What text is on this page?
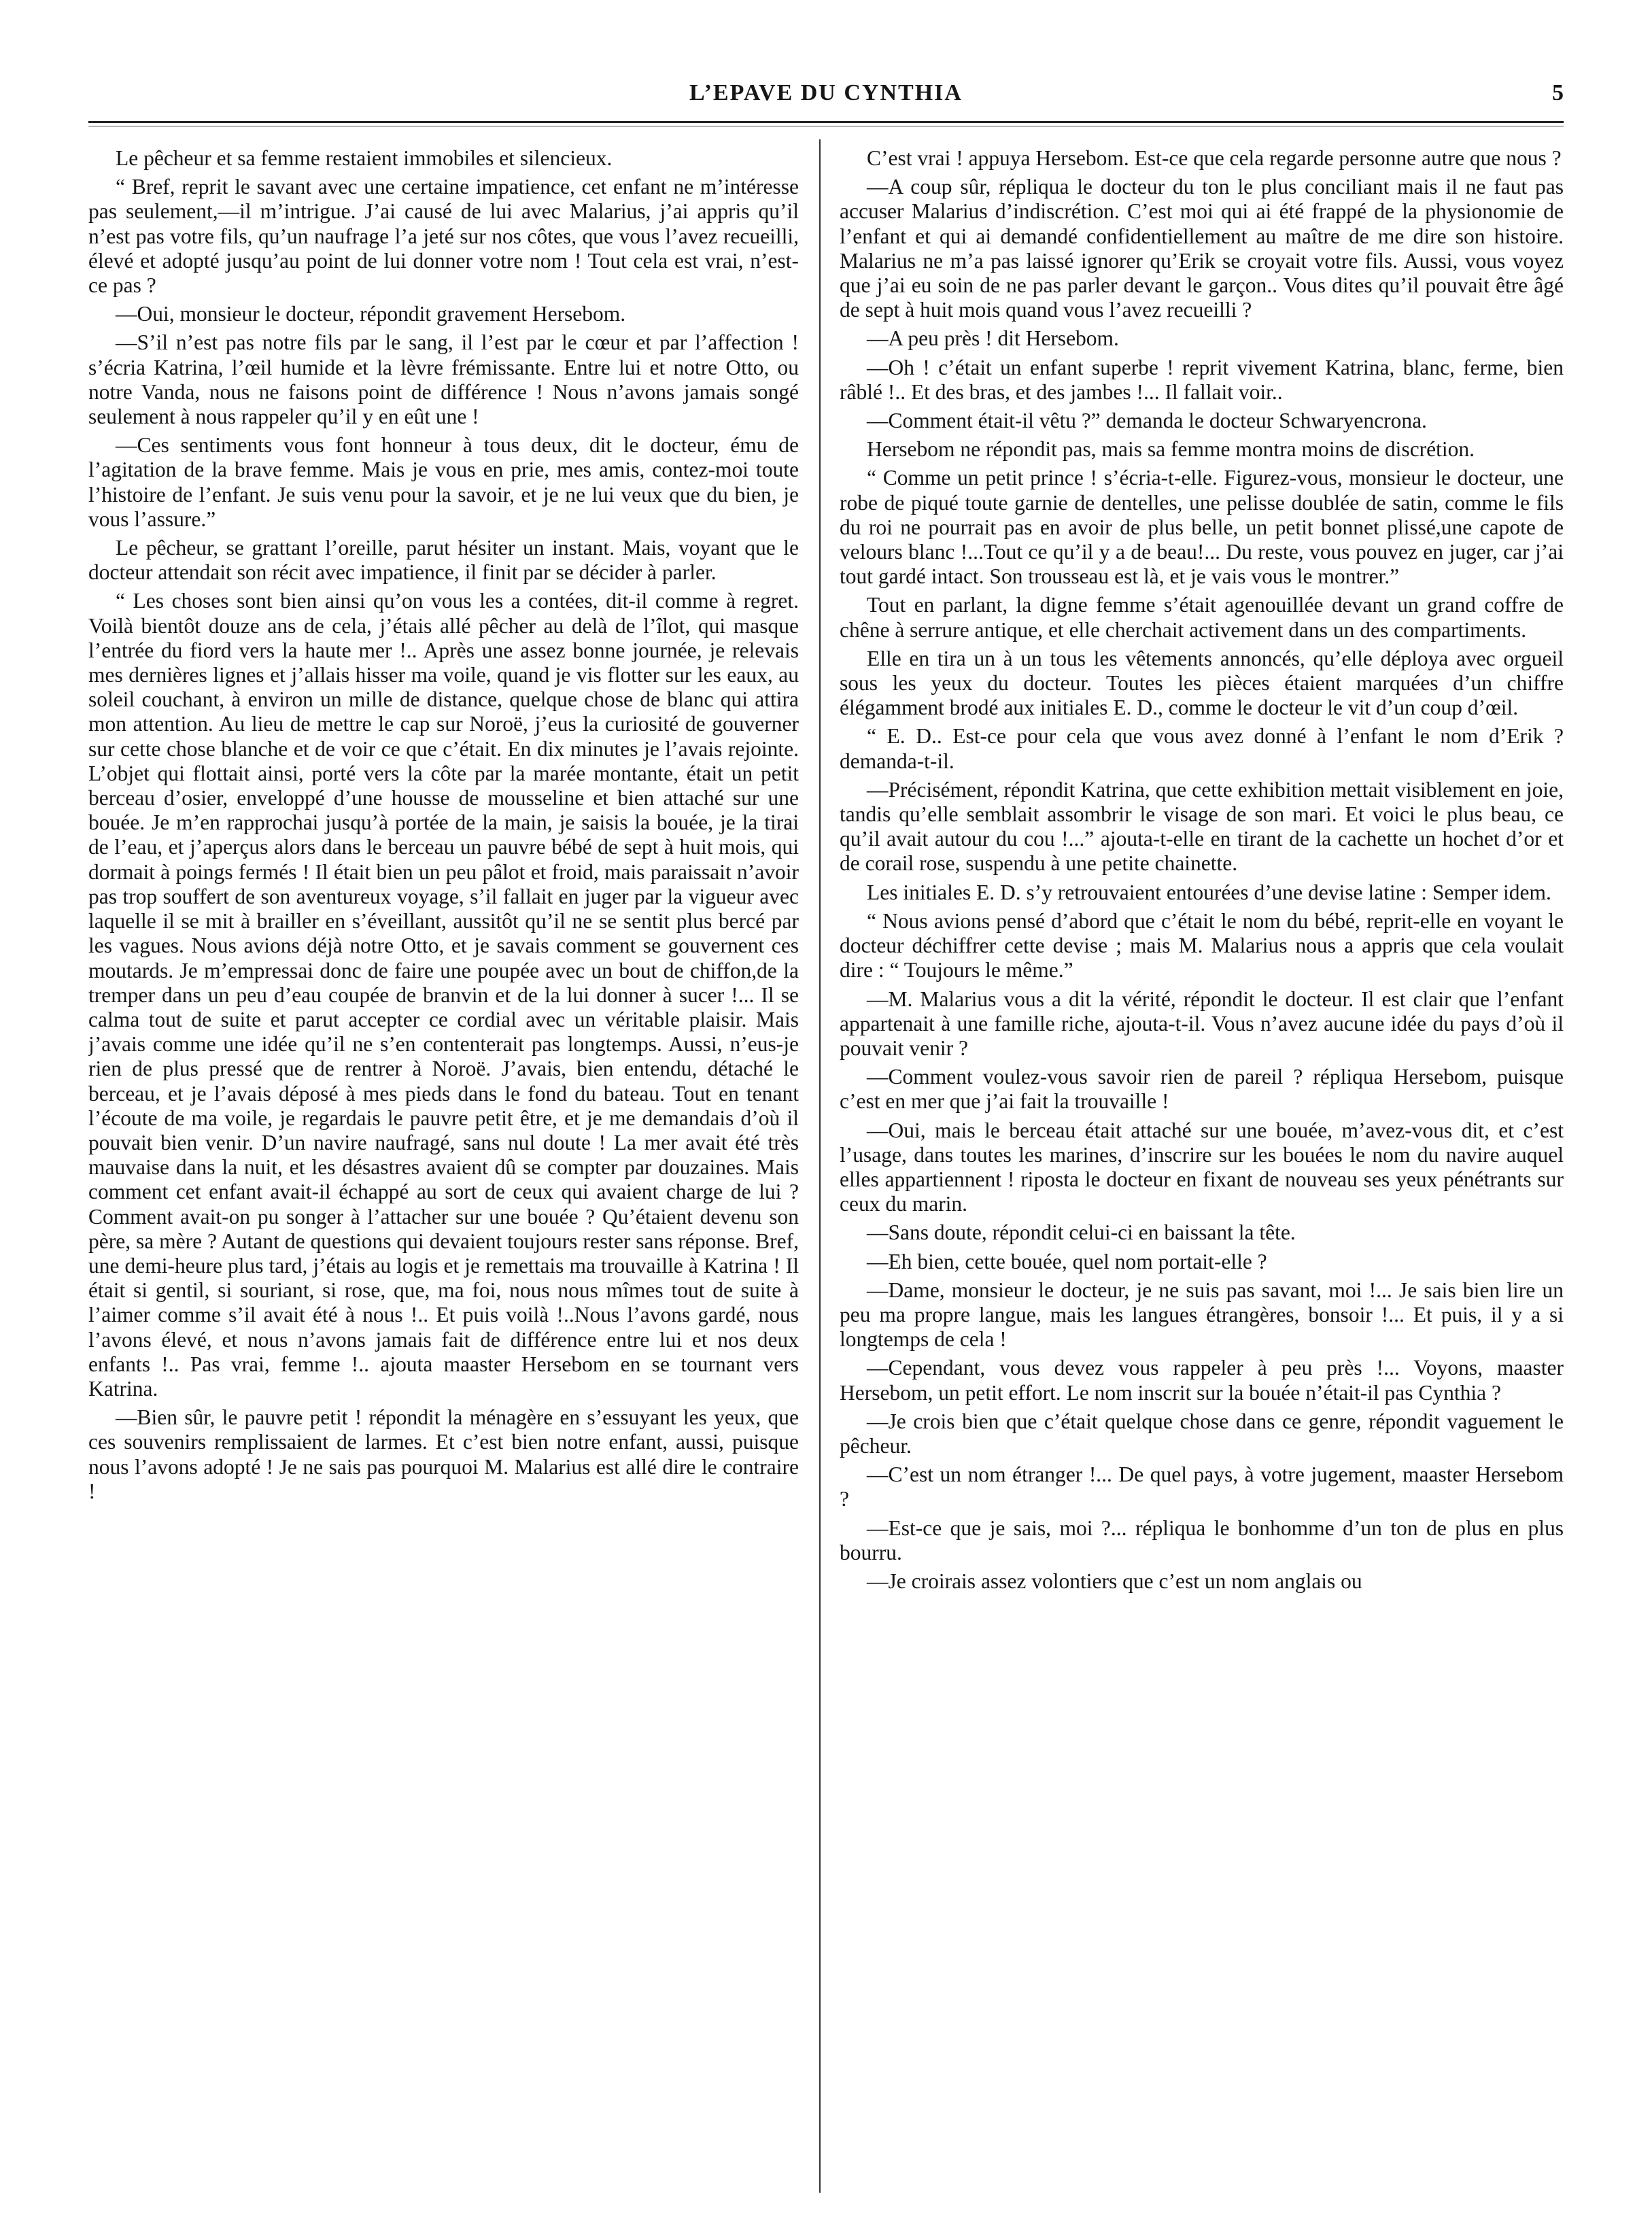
L’EPAVE DU CYNTHIA	5

Le pêcheur et sa femme restaient immobiles et silencieux.

“ Bref, reprit le savant avec une certaine impatience, cet enfant ne m’intéresse pas seulement,—il m’intrigue. J’ai causé de lui avec Malarius, j’ai appris qu’il n’est pas votre fils, qu’un naufrage l’a jeté sur nos côtes, que vous l’avez recueilli, élevé et adopté jusqu’au point de lui donner votre nom ! Tout cela est vrai, n’est-ce pas ?

—Oui, monsieur le docteur, répondit gravement Hersebom.

—S’il n’est pas notre fils par le sang, il l’est par le cœur et par l’affection ! s’écria Katrina, l’œil humide et la lèvre frémissante. Entre lui et notre Otto, ou notre Vanda, nous ne faisons point de différence ! Nous n’avons jamais songé seulement à nous rappeler qu’il y en eût une !

—Ces sentiments vous font honneur à tous deux, dit le docteur, ému de l’agitation de la brave femme. Mais je vous en prie, mes amis, contez-moi toute l’histoire de l’enfant. Je suis venu pour la savoir, et je ne lui veux que du bien, je vous l’assure.”

Le pêcheur, se grattant l’oreille, parut hésiter un instant. Mais, voyant que le docteur attendait son récit avec impatience, il finit par se décider à parler.

“ Les choses sont bien ainsi qu’on vous les a contées, dit-il comme à regret. Voilà bientôt douze ans de cela, j’étais allé pêcher au delà de l’îlot, qui masque l’entrée du fiord vers la haute mer !.. Après une assez bonne journée, je relevais mes dernières lignes et j’allais hisser ma voile, quand je vis flotter sur les eaux, au soleil couchant, à environ un mille de distance, quelque chose de blanc qui attira mon attention. Au lieu de mettre le cap sur Noroë, j’eus la curiosité de gouverner sur cette chose blanche et de voir ce que c’était. En dix minutes je l’avais rejointe. L’objet qui flottait ainsi, porté vers la côte par la marée montante, était un petit berceau d’osier, enveloppé d’une housse de mousseline et bien attaché sur une bouée. Je m’en rapprochai jusqu’à portée de la main, je saisis la bouée, je la tirai de l’eau, et j’aperçus alors dans le berceau un pauvre bébé de sept à huit mois, qui dormait à poings fermés ! Il était bien un peu pâlot et froid, mais paraissait n’avoir pas trop souffert de son aventureux voyage, s’il fallait en juger par la vigueur avec laquelle il se mit à brailler en s’éveillant, aussitôt qu’il ne se sentit plus bercé par les vagues. Nous avions déjà notre Otto, et je savais comment se gouvernent ces moutards. Je m’empressai donc de faire une poupée avec un bout de chiffon,de la tremper dans un peu d’eau coupée de branvin et de la lui donner à sucer !... Il se calma tout de suite et parut accepter ce cordial avec un véritable plaisir. Mais j’avais comme une idée qu’il ne s’en contenterait pas longtemps. Aussi, n’eus-je rien de plus pressé que de rentrer à Noroë. J’avais, bien entendu, détaché le berceau, et je l’avais déposé à mes pieds dans le fond du bateau. Tout en tenant l’écoute de ma voile, je regardais le pauvre petit être, et je me demandais d’où il pouvait bien venir. D’un navire naufragé, sans nul doute ! La mer avait été très mauvaise dans la nuit, et les désastres avaient dû se compter par douzaines. Mais comment cet enfant avait-il échappé au sort de ceux qui avaient charge de lui ? Comment avait-on pu songer à l’attacher sur une bouée ? Qu’étaient devenu son père, sa mère ? Autant de questions qui devaient toujours rester sans réponse. Bref, une demi-heure plus tard, j’étais au logis et je remettais ma trouvaille à Katrina ! Il était si gentil, si souriant, si rose, que, ma foi, nous nous mîmes tout de suite à l’aimer comme s’il avait été à nous !.. Et puis voilà !..Nous l’avons gardé, nous l’avons élevé, et nous n’avons jamais fait de différence entre lui et nos deux enfants !.. Pas vrai, femme !.. ajouta maaster Hersebom en se tournant vers Katrina.

—Bien sûr, le pauvre petit ! répondit la ménagère en s’essuyant les yeux, que ces souvenirs remplissaient de larmes. Et c’est bien notre enfant, aussi, puisque nous l’avons adopté ! Je ne sais pas pourquoi M. Malarius est allé dire le contraire !

C’est vrai ! appuya Hersebom. Est-ce que cela regarde personne autre que nous ?

—A coup sûr, répliqua le docteur du ton le plus conciliant mais il ne faut pas accuser Malarius d’indiscrétion. C’est moi qui ai été frappé de la physionomie de l’enfant et qui ai demandé confidentiellement au maître de me dire son histoire. Malarius ne m’a pas laissé ignorer qu’Erik se croyait votre fils. Aussi, vous voyez que j’ai eu soin de ne pas parler devant le garçon.. Vous dites qu’il pouvait être âgé de sept à huit mois quand vous l’avez recueilli ?

—A peu près ! dit Hersebom.

—Oh ! c’était un enfant superbe ! reprit vivement Katrina, blanc, ferme, bien râblé !.. Et des bras, et des jambes !... Il fallait voir..

—Comment était-il vêtu ?” demanda le docteur Schwaryencrona.

Hersebom ne répondit pas, mais sa femme montra moins de discrétion.

“ Comme un petit prince ! s’écria-t-elle. Figurez-vous, monsieur le docteur, une robe de piqué toute garnie de dentelles, une pelisse doublée de satin, comme le fils du roi ne pourrait pas en avoir de plus belle, un petit bonnet plissé,une capote de velours blanc !...Tout ce qu’il y a de beau!... Du reste, vous pouvez en juger, car j’ai tout gardé intact. Son trousseau est là, et je vais vous le montrer.”

Tout en parlant, la digne femme s’était agenouillée devant un grand coffre de chêne à serrure antique, et elle cherchait activement dans un des compartiments.

Elle en tira un à un tous les vêtements annoncés, qu’elle déploya avec orgueil sous les yeux du docteur. Toutes les pièces étaient marquées d’un chiffre élégamment brodé aux initiales E. D., comme le docteur le vit d’un coup d’œil.

“ E. D.. Est-ce pour cela que vous avez donné à l’enfant le nom d’Erik ? demanda-t-il.

—Précisément, répondit Katrina, que cette exhibition mettait visiblement en joie, tandis qu’elle semblait assombrir le visage de son mari. Et voici le plus beau, ce qu’il avait autour du cou !...” ajouta-t-elle en tirant de la cachette un hochet d’or et de corail rose, suspendu à une petite chainette.

Les initiales E. D. s’y retrouvaient entourées d’une devise latine : Semper idem.

“ Nous avions pensé d’abord que c’était le nom du bébé, reprit-elle en voyant le docteur déchiffrer cette devise ; mais M. Malarius nous a appris que cela voulait dire : “ Toujours le même.”

—M. Malarius vous a dit la vérité, répondit le docteur. Il est clair que l’enfant appartenait à une famille riche, ajouta-t-il. Vous n’avez aucune idée du pays d’où il pouvait venir ?

—Comment voulez-vous savoir rien de pareil ? répliqua Hersebom, puisque c’est en mer que j’ai fait la trouvaille !

—Oui, mais le berceau était attaché sur une bouée, m’avez-vous dit, et c’est l’usage, dans toutes les marines, d’inscrire sur les bouées le nom du navire auquel elles appartiennent ! riposta le docteur en fixant de nouveau ses yeux pénétrants sur ceux du marin.

—Sans doute, répondit celui-ci en baissant la tête.

—Eh bien, cette bouée, quel nom portait-elle ?

—Dame, monsieur le docteur, je ne suis pas savant, moi !... Je sais bien lire un peu ma propre langue, mais les langues étrangères, bonsoir !... Et puis, il y a si longtemps de cela !

—Cependant, vous devez vous rappeler à peu près !... Voyons, maaster Hersebom, un petit effort. Le nom inscrit sur la bouée n’était-il pas Cynthia ?

—Je crois bien que c’était quelque chose dans ce genre, répondit vaguement le pêcheur.

—C’est un nom étranger !... De quel pays, à votre jugement, maaster Hersebom ?

—Est-ce que je sais, moi ?... répliqua le bonhomme d’un ton de plus en plus bourru.

—Je croirais assez volontiers que c’est un nom anglais ou
